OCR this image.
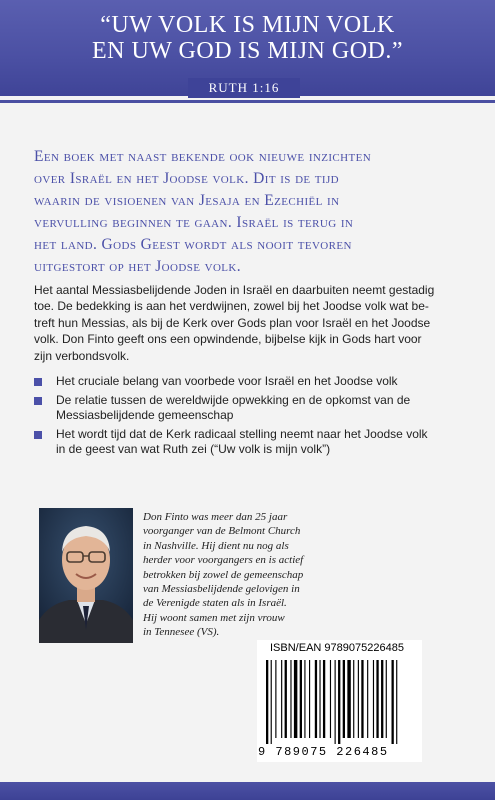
“UW VOLK IS MIJN VOLK
EN UW GOD IS MIJN GOD.”
RUTH 1:16
Een boek met naast bekende ook nieuwe inzichten
over Israël en het Joodse volk. Dit is de tijd
waarin de visioenen van Jesaja en Ezechiël in
vervulling beginnen te gaan. Israël is terug in
het land. Gods Geest wordt als nooit tevoren
uitgestort op het Joodse volk.
Het aantal Messiasbelijdende Joden in Israël en daarbuiten neemt gestadig
toe. De bedekking is aan het verdwijnen, zowel bij het Joodse volk wat be-
treft hun Messias, als bij de Kerk over Gods plan voor Israël en het Joodse
volk. Don Finto geeft ons een opwindende, bijbelse kijk in Gods hart voor
zijn verbondsvolk.
Het cruciale belang van voorbede voor Israël en het Joodse volk
De relatie tussen de wereldwijde opwekking en de opkomst van de
Messiasbelijdende gemeenschap
Het wordt tijd dat de Kerk radicaal stelling neemt naar het Joodse volk
in de geest van wat Ruth zei (“Uw volk is mijn volk”)
Don Finto was meer dan 25 jaar
voorganger van de Belmont Church
in Nashville. Hij dient nu nog als
herder voor voorgangers en is actief
betrokken bij zowel de gemeenschap
van Messiasbelijdende gelovigen in
de Verenigde staten als in Israël.
Hij woont samen met zijn vrouw
in Tennesee (VS).
ISBN/EAN 9789075226485
9 789075 226485
